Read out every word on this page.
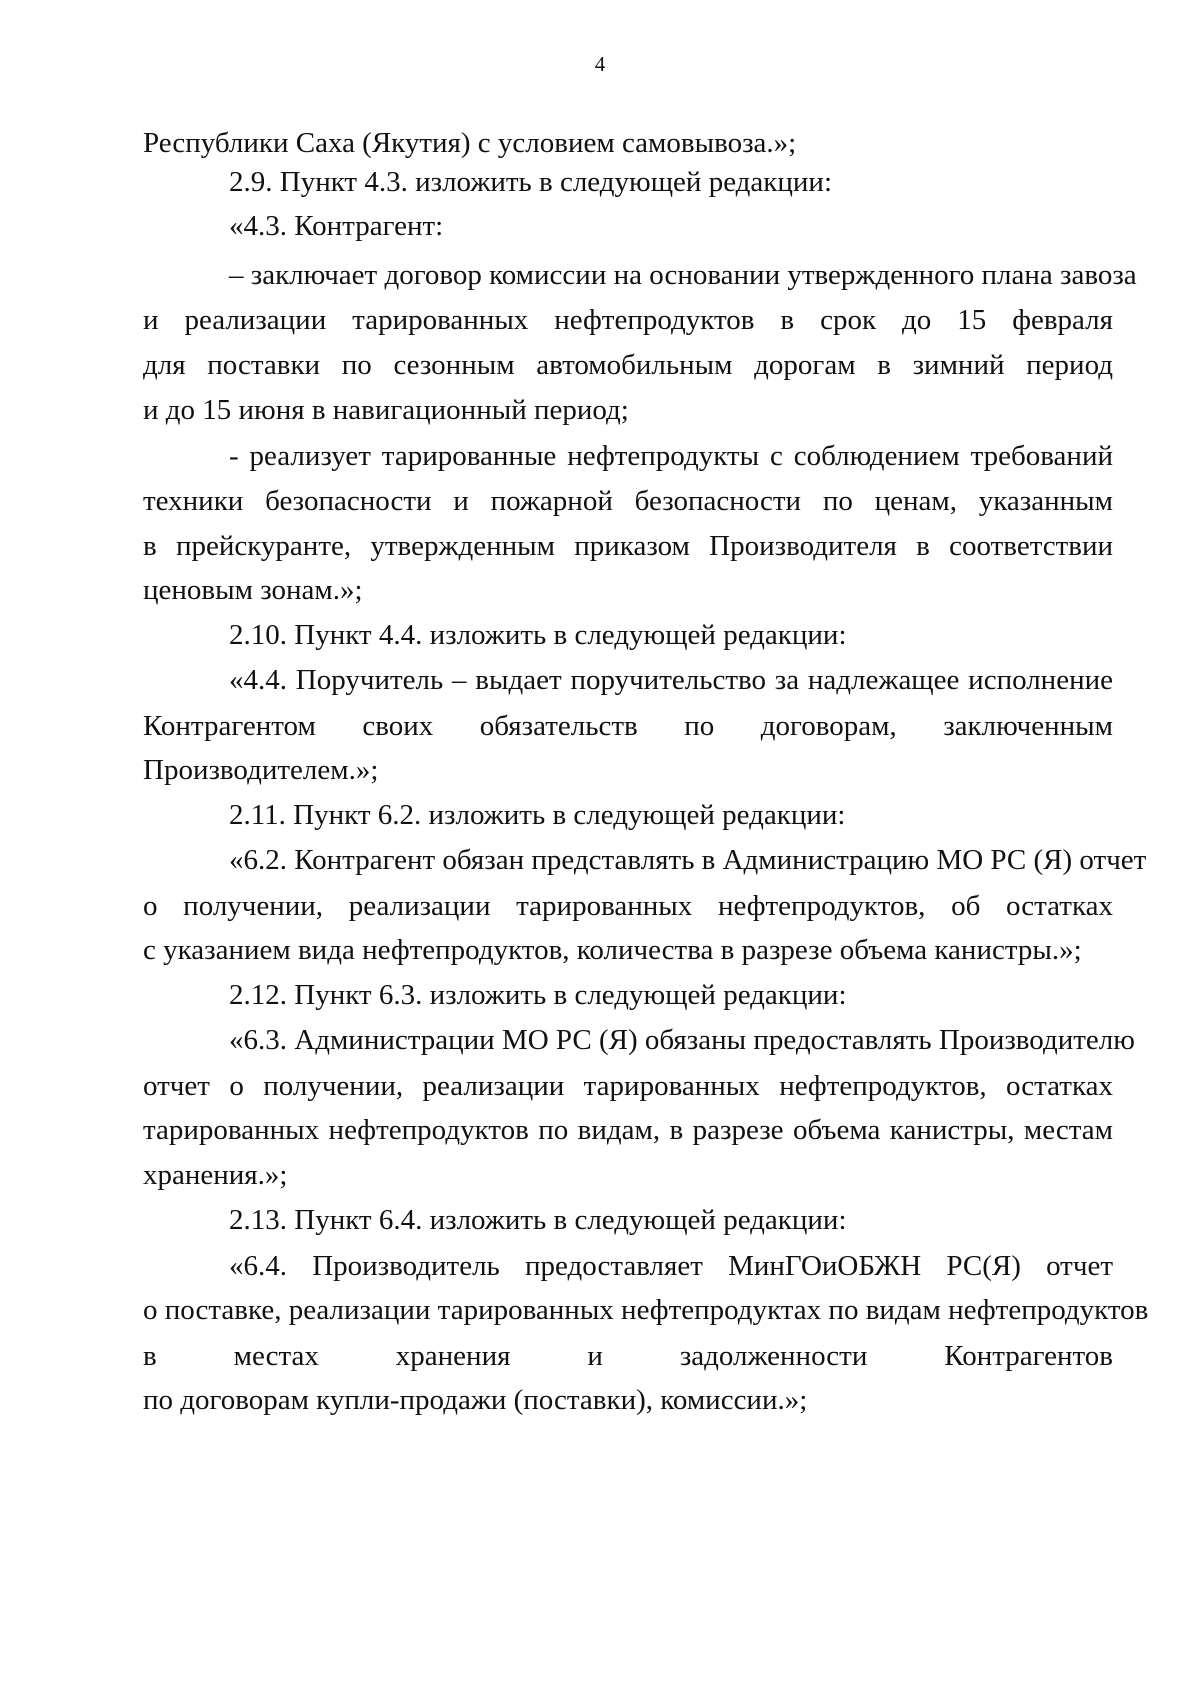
4
Республики Саха (Якутия) с условием самовывоза.»;
2.9. Пункт 4.3. изложить в следующей редакции:
«4.3. Контрагент:
– заключает договор комиссии на основании утвержденного плана завоза
и реализации тарированных нефтепродуктов в срок до 15 февраля
для поставки по сезонным автомобильным дорогам в зимний период
и до 15 июня в навигационный период;
- реализует тарированные нефтепродукты с соблюдением требований
техники безопасности и пожарной безопасности по ценам, указанным
в прейскуранте, утвержденным приказом Производителя в соответствии
ценовым зонам.»;
2.10. Пункт 4.4. изложить в следующей редакции:
«4.4. Поручитель – выдает поручительство за надлежащее исполнение
Контрагентом своих обязательств по договорам, заключенным
Производителем.»;
2.11. Пункт 6.2. изложить в следующей редакции:
«6.2. Контрагент обязан представлять в Администрацию МО РС (Я) отчет
о получении, реализации тарированных нефтепродуктов, об остатках
с указанием вида нефтепродуктов, количества в разрезе объема канистры.»;
2.12. Пункт 6.3. изложить в следующей редакции:
«6.3. Администрации МО РС (Я) обязаны предоставлять Производителю
отчет о получении, реализации тарированных нефтепродуктов, остатках
тарированных нефтепродуктов по видам, в разрезе объема канистры, местам
хранения.»;
2.13. Пункт 6.4. изложить в следующей редакции:
«6.4. Производитель предоставляет МинГОиОБЖН РС(Я) отчет
о поставке, реализации тарированных нефтепродуктах по видам нефтепродуктов
в местах хранения и задолженности Контрагентов
по договорам купли-продажи (поставки), комиссии.»;
